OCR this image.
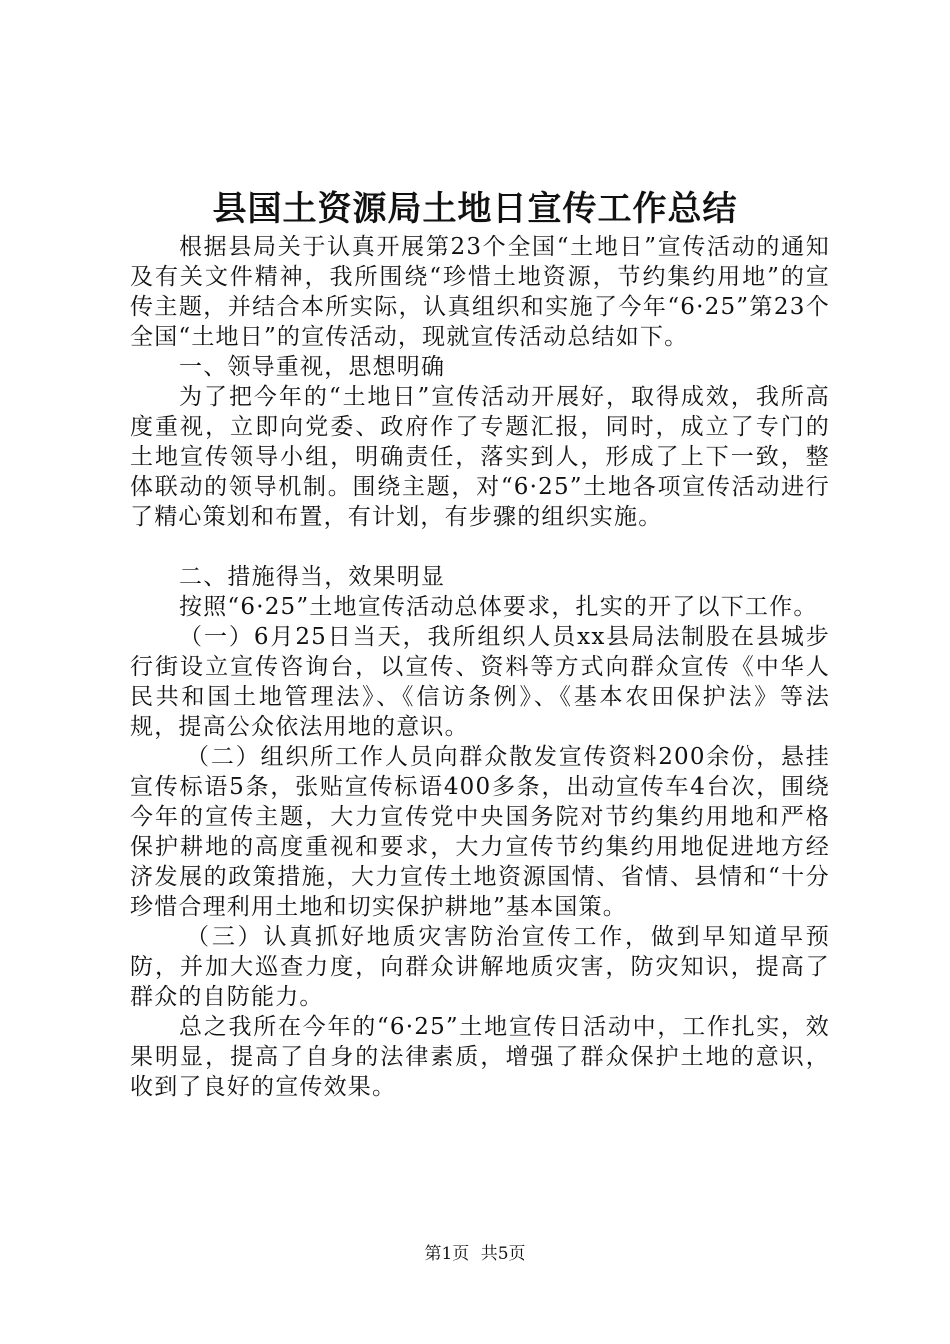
县国土资源局土地日宣传工作总结

根据县局关于认真开展第23个全国“土地日”宣传活动的通知及有关文件精神，我所围绕“珍惜土地资源，节约集约用地”的宣传主题，并结合本所实际，认真组织和实施了今年“6·25”第23个全国“土地日”的宣传活动，现就宣传活动总结如下。

一、领导重视，思想明确

为了把今年的“土地日”宣传活动开展好，取得成效，我所高度重视，立即向党委、政府作了专题汇报，同时，成立了专门的土地宣传领导小组，明确责任，落实到人，形成了上下一致，整体联动的领导机制。围绕主题，对“6·25”土地各项宣传活动进行了精心策划和布置，有计划，有步骤的组织实施。

二、措施得当，效果明显

按照“6·25”土地宣传活动总体要求，扎实的开了以下工作。

（一）6月25日当天，我所组织人员xx县局法制股在县城步行街设立宣传咨询台，以宣传、资料等方式向群众宣传《中华人民共和国土地管理法》、《信访条例》、《基本农田保护法》等法规，提高公众依法用地的意识。

（二）组织所工作人员向群众散发宣传资料200余份，悬挂宣传标语5条，张贴宣传标语400多条，出动宣传车4台次，围绕今年的宣传主题，大力宣传党中央国务院对节约集约用地和严格保护耕地的高度重视和要求，大力宣传节约集约用地促进地方经济发展的政策措施，大力宣传土地资源国情、省情、县情和“十分珍惜合理利用土地和切实保护耕地”基本国策。

（三）认真抓好地质灾害防治宣传工作，做到早知道早预防，并加大巡查力度，向群众讲解地质灾害，防灾知识，提高了群众的自防能力。

总之我所在今年的“6·25”土地宣传日活动中，工作扎实，效果明显，提高了自身的法律素质，增强了群众保护土地的意识，收到了良好的宣传效果。

第1页 共5页
